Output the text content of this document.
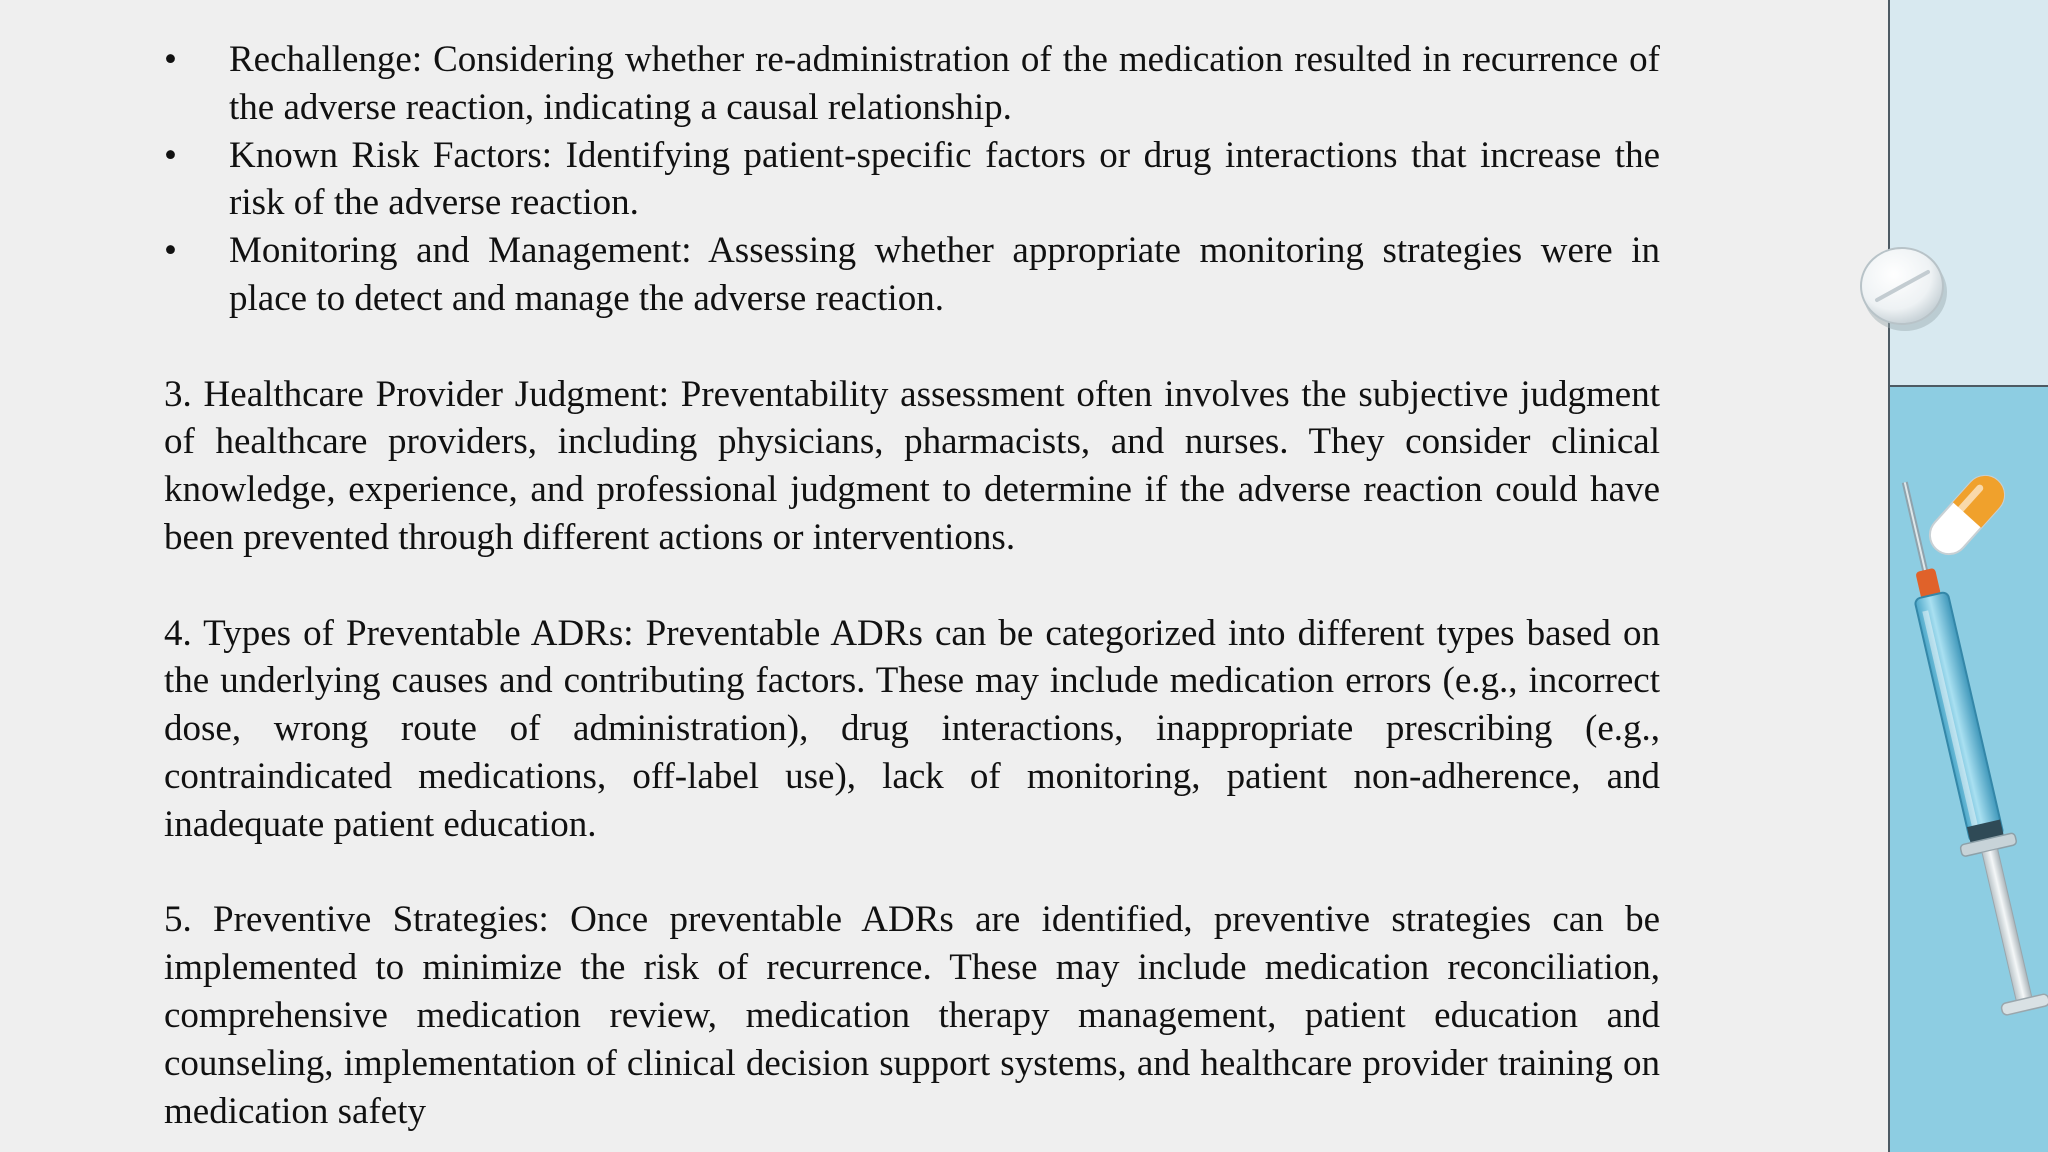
• Rechallenge: Considering whether re-administration of the medication resulted in recurrence of the adverse reaction, indicating a causal relationship.
• Known Risk Factors: Identifying patient-specific factors or drug interactions that increase the risk of the adverse reaction.
• Monitoring and Management: Assessing whether appropriate monitoring strategies were in place to detect and manage the adverse reaction.

3. Healthcare Provider Judgment: Preventability assessment often involves the subjective judgment of healthcare providers, including physicians, pharmacists, and nurses. They consider clinical knowledge, experience, and professional judgment to determine if the adverse reaction could have been prevented through different actions or interventions.

4. Types of Preventable ADRs: Preventable ADRs can be categorized into different types based on the underlying causes and contributing factors. These may include medication errors (e.g., incorrect dose, wrong route of administration), drug interactions, inappropriate prescribing (e.g., contraindicated medications, off-label use), lack of monitoring, patient non-adherence, and inadequate patient education.

5. Preventive Strategies: Once preventable ADRs are identified, preventive strategies can be implemented to minimize the risk of recurrence. These may include medication reconciliation, comprehensive medication review, medication therapy management, patient education and counseling, implementation of clinical decision support systems, and healthcare provider training on medication safety
